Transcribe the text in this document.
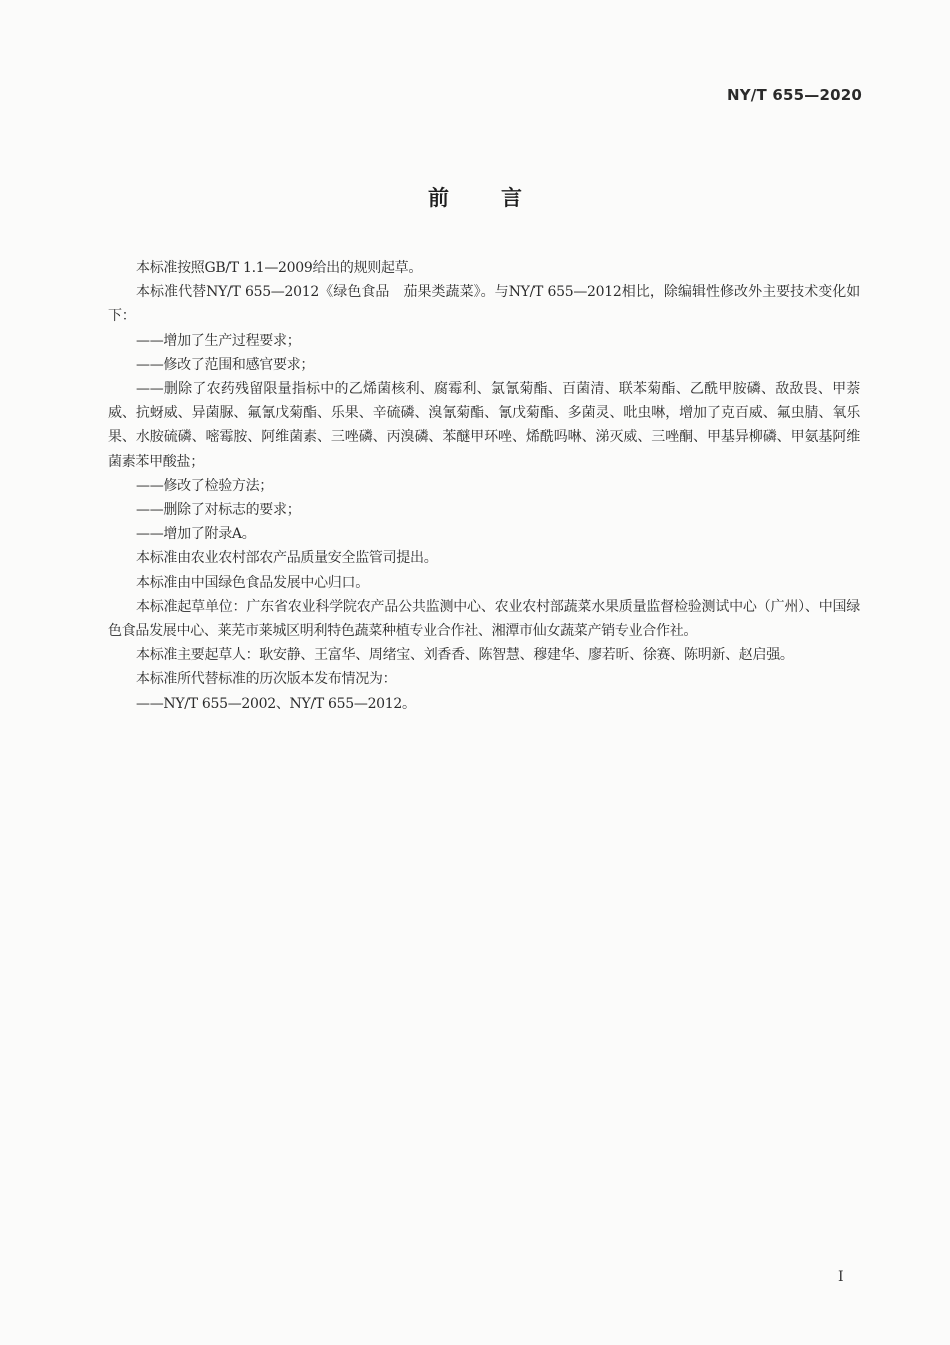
NY/T 655—2020
前言

本标准按照GB/T 1.1—2009给出的规则起草。

本标准代替NY/T 655—2012《绿色食品　茄果类蔬菜》。与NY/T 655—2012相比，除编辑性修改外主要技术变化如下：

——增加了生产过程要求；

——修改了范围和感官要求；

——删除了农药残留限量指标中的乙烯菌核利、腐霉利、氯氰菊酯、百菌清、联苯菊酯、乙酰甲胺磷、敌敌畏、甲萘威、抗蚜威、异菌脲、氟氰戊菊酯、乐果、辛硫磷、溴氰菊酯、氰戊菊酯、多菌灵、吡虫啉，增加了克百威、氟虫腈、氧乐果、水胺硫磷、嘧霉胺、阿维菌素、三唑磷、丙溴磷、苯醚甲环唑、烯酰吗啉、涕灭威、三唑酮、甲基异柳磷、甲氨基阿维菌素苯甲酸盐；

——修改了检验方法；

——删除了对标志的要求；

——增加了附录A。

本标准由农业农村部农产品质量安全监管司提出。

本标准由中国绿色食品发展中心归口。

本标准起草单位：广东省农业科学院农产品公共监测中心、农业农村部蔬菜水果质量监督检验测试中心（广州）、中国绿色食品发展中心、莱芜市莱城区明利特色蔬菜种植专业合作社、湘潭市仙女蔬菜产销专业合作社。

本标准主要起草人：耿安静、王富华、周绪宝、刘香香、陈智慧、穆建华、廖若昕、徐赛、陈明新、赵启强。

本标准所代替标准的历次版本发布情况为：

——NY/T 655—2002、NY/T 655—2012。

I
